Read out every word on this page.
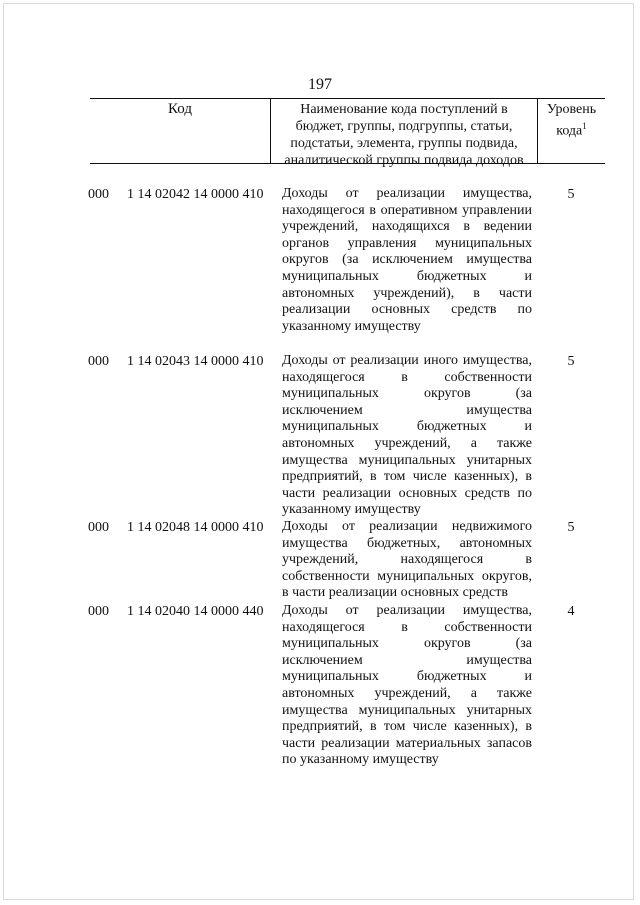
197
Код	Наименование кода поступлений в бюджет, группы, подгруппы, статьи, подстатьи, элемента, группы подвида, аналитической группы подвида доходов
Уровень кода$^1$
000 1 14 02042 14 0000 410 Доходы от реализации имущества, находящегося в оперативном управлении учреждений, находящихся в ведении органов управления муниципальных округов (за исключением имущества муниципальных бюджетных и автономных учреждений), в части реализации основных средств по указанному имуществу
5
000 1 14 02043 14 0000 410 Доходы от реализации иного имущества, находящегося в собственности муниципальных округов (за исключением имущества муниципальных бюджетных и автономных учреждений, а также имущества муниципальных унитарных предприятий, в том числе казенных), в части реализации основных средств по указанному имуществу
5
000 1 14 02048 14 0000 410 Доходы от реализации недвижимого имущества бюджетных, автономных учреждений, находящегося в собственности муниципальных округов, в части реализации основных средств
5
000 1 14 02040 14 0000 440 Доходы от реализации имущества, находящегося в собственности муниципальных округов (за исключением имущества муниципальных бюджетных и автономных учреждений, а также имущества муниципальных унитарных предприятий, в том числе казенных), в части реализации материальных запасов по указанному имуществу
4
